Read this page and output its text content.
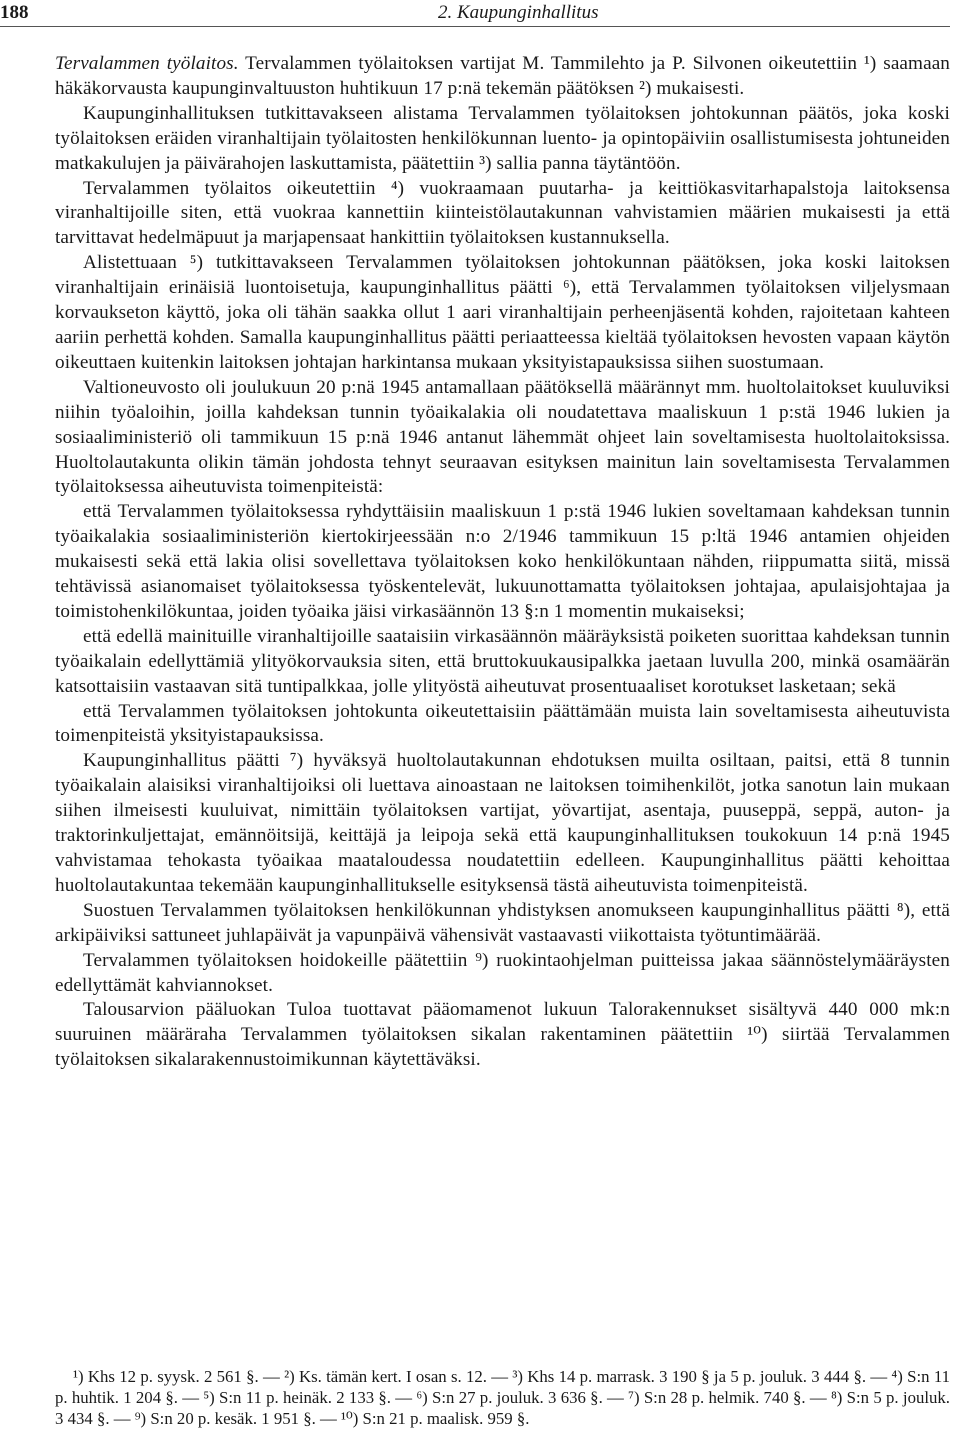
188	2. Kaupunginhallitus

Tervalammen työlaitos. Tervalammen työlaitoksen vartijat M. Tammilehto ja P. Silvonen oikeutettiin ¹) saamaan häkäkorvausta kaupunginvaltuuston huhtikuun 17 p:nä tekemän päätöksen ²) mukaisesti.

Kaupunginhallituksen tutkittavakseen alistama Tervalammen työlaitoksen johtokunnan päätös, joka koski työlaitoksen eräiden viranhaltijain työlaitosten henkilökunnan luento- ja opintopäiviin osallistumisesta johtuneiden matkakulujen ja päivärahojen laskuttamista, päätettiin ³) sallia panna täytäntöön.

Tervalammen työlaitos oikeutettiin ⁴) vuokraamaan puutarha- ja keittiökasvitarhapalstoja laitoksensa viranhaltijoille siten, että vuokraa kannettiin kiinteistölautakunnan vahvistamien määrien mukaisesti ja että tarvittavat hedelmäpuut ja marjapensaat hankittiin työlaitoksen kustannuksella.

Alistettuaan ⁵) tutkittavakseen Tervalammen työlaitoksen johtokunnan päätöksen, joka koski laitoksen viranhaltijain erinäisiä luontoisetuja, kaupunginhallitus päätti ⁶), että Tervalammen työlaitoksen viljelysmaan korvaukseton käyttö, joka oli tähän saakka ollut 1 aari viranhaltijain perheenjäsentä kohden, rajoitetaan kahteen aariin perhettä kohden. Samalla kaupunginhallitus päätti periaatteessa kieltää työlaitoksen hevosten vapaan käytön oikeuttaen kuitenkin laitoksen johtajan harkintansa mukaan yksityistapauksissa siihen suostumaan.

Valtioneuvosto oli joulukuun 20 p:nä 1945 antamallaan päätöksellä määrännyt mm. huoltolaitokset kuuluviksi niihin työaloihin, joilla kahdeksan tunnin työaikalakia oli noudatettava maaliskuun 1 p:stä 1946 lukien ja sosiaaliministeriö oli tammikuun 15 p:nä 1946 antanut lähemmät ohjeet lain soveltamisesta huoltolaitoksissa. Huoltolautakunta olikin tämän johdosta tehnyt seuraavan esityksen mainitun lain soveltamisesta Tervalammen työlaitoksessa aiheutuvista toimenpiteistä:

että Tervalammen työlaitoksessa ryhdyttäisiin maaliskuun 1 p:stä 1946 lukien soveltamaan kahdeksan tunnin työaikalakia sosiaaliministeriön kiertokirjeessään n:o 2/1946 tammikuun 15 p:ltä 1946 antamien ohjeiden mukaisesti sekä että lakia olisi sovellettava työlaitoksen koko henkilökuntaan nähden, riippumatta siitä, missä tehtävissä asianomaiset työlaitoksessa työskentelevät, lukuunottamatta työlaitoksen johtajaa, apulaisjohtajaa ja toimistohenkilökuntaa, joiden työaika jäisi virkasäännön 13 §:n 1 momentin mukaiseksi;

että edellä mainituille viranhaltijoille saataisiin virkasäännön määräyksistä poiketen suorittaa kahdeksan tunnin työaikalain edellyttämiä ylityökorvauksia siten, että bruttokuukausipalkka jaetaan luvulla 200, minkä osamäärän katsottaisiin vastaavan sitä tuntipalkkaa, jolle ylityöstä aiheutuvat prosentuaaliset korotukset lasketaan; sekä

että Tervalammen työlaitoksen johtokunta oikeutettaisiin päättämään muista lain soveltamisesta aiheutuvista toimenpiteistä yksityistapauksissa.

Kaupunginhallitus päätti ⁷) hyväksyä huoltolautakunnan ehdotuksen muilta osiltaan, paitsi, että 8 tunnin työaikalain alaisiksi viranhaltijoiksi oli luettava ainoastaan ne laitoksen toimihenkilöt, jotka sanotun lain mukaan siihen ilmeisesti kuuluivat, nimittäin työlaitoksen vartijat, yövartijat, asentaja, puuseppä, seppä, auton- ja traktorinkuljettajat, emännöitsijä, keittäjä ja leipoja sekä että kaupunginhallituksen toukokuun 14 p:nä 1945 vahvistamaa tehokasta työaikaa maataloudessa noudatettiin edelleen. Kaupunginhallitus päätti kehoittaa huoltolautakuntaa tekemään kaupunginhallitukselle esityksensä tästä aiheutuvista toimenpiteistä.

Suostuen Tervalammen työlaitoksen henkilökunnan yhdistyksen anomukseen kaupunginhallitus päätti ⁸), että arkipäiviksi sattuneet juhlapäivät ja vapunpäivä vähensivät vastaavasti viikottaista työtuntimäärää.

Tervalammen työlaitoksen hoidokeille päätettiin ⁹) ruokintaohjelman puitteissa jakaa säännöstelymääräysten edellyttämät kahviannokset.

Talousarvion pääluokan Tuloa tuottavat pääomamenot lukuun Talorakennukset sisältyvä 440 000 mk:n suuruinen määräraha Tervalammen työlaitoksen sikalan rakentaminen päätettiin ¹⁰) siirtää Tervalammen työlaitoksen sikalarakennustoimikunnan käytettäväksi.

¹) Khs 12 p. syysk. 2 561 §. — ²) Ks. tämän kert. I osan s. 12. — ³) Khs 14 p. marrask. 3 190 § ja 5 p. jouluk. 3 444 §. — ⁴) S:n 11 p. huhtik. 1 204 §. — ⁵) S:n 11 p. heinäk. 2 133 §. — ⁶) S:n 27 p. jouluk. 3 636 §. — ⁷) S:n 28 p. helmik. 740 §. — ⁸) S:n 5 p. jouluk. 3 434 §. — ⁹) S:n 20 p. kesäk. 1 951 §. — ¹⁰) S:n 21 p. maalisk. 959 §.
